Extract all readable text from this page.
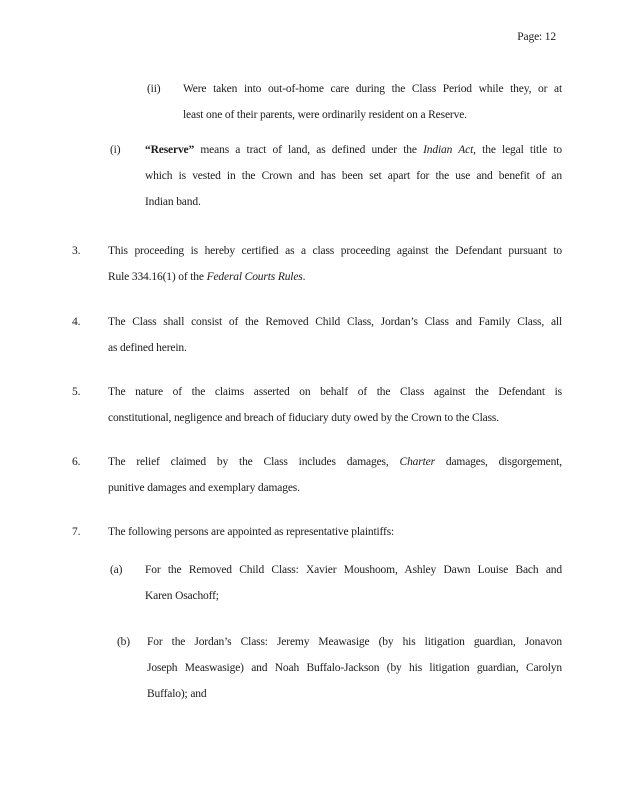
Page: 12
(ii) Were taken into out-of-home care during the Class Period while they, or at
least one of their parents, were ordinarily resident on a Reserve.
(i) “Reserve” means a tract of land, as defined under the Indian Act, the legal title to
which is vested in the Crown and has been set apart for the use and benefit of an
Indian band.
3. This proceeding is hereby certified as a class proceeding against the Defendant pursuant to
Rule 334.16(1) of the Federal Courts Rules.
4. The Class shall consist of the Removed Child Class, Jordan’s Class and Family Class, all
as defined herein.
5. The nature of the claims asserted on behalf of the Class against the Defendant is
constitutional, negligence and breach of fiduciary duty owed by the Crown to the Class.
6. The relief claimed by the Class includes damages, Charter damages, disgorgement,
punitive damages and exemplary damages.
7. The following persons are appointed as representative plaintiffs:
(a) For the Removed Child Class: Xavier Moushoom, Ashley Dawn Louise Bach and
Karen Osachoff;
(b) For the Jordan’s Class: Jeremy Meawasige (by his litigation guardian, Jonavon
Joseph Measwasige) and Noah Buffalo-Jackson (by his litigation guardian, Carolyn
Buffalo); and
